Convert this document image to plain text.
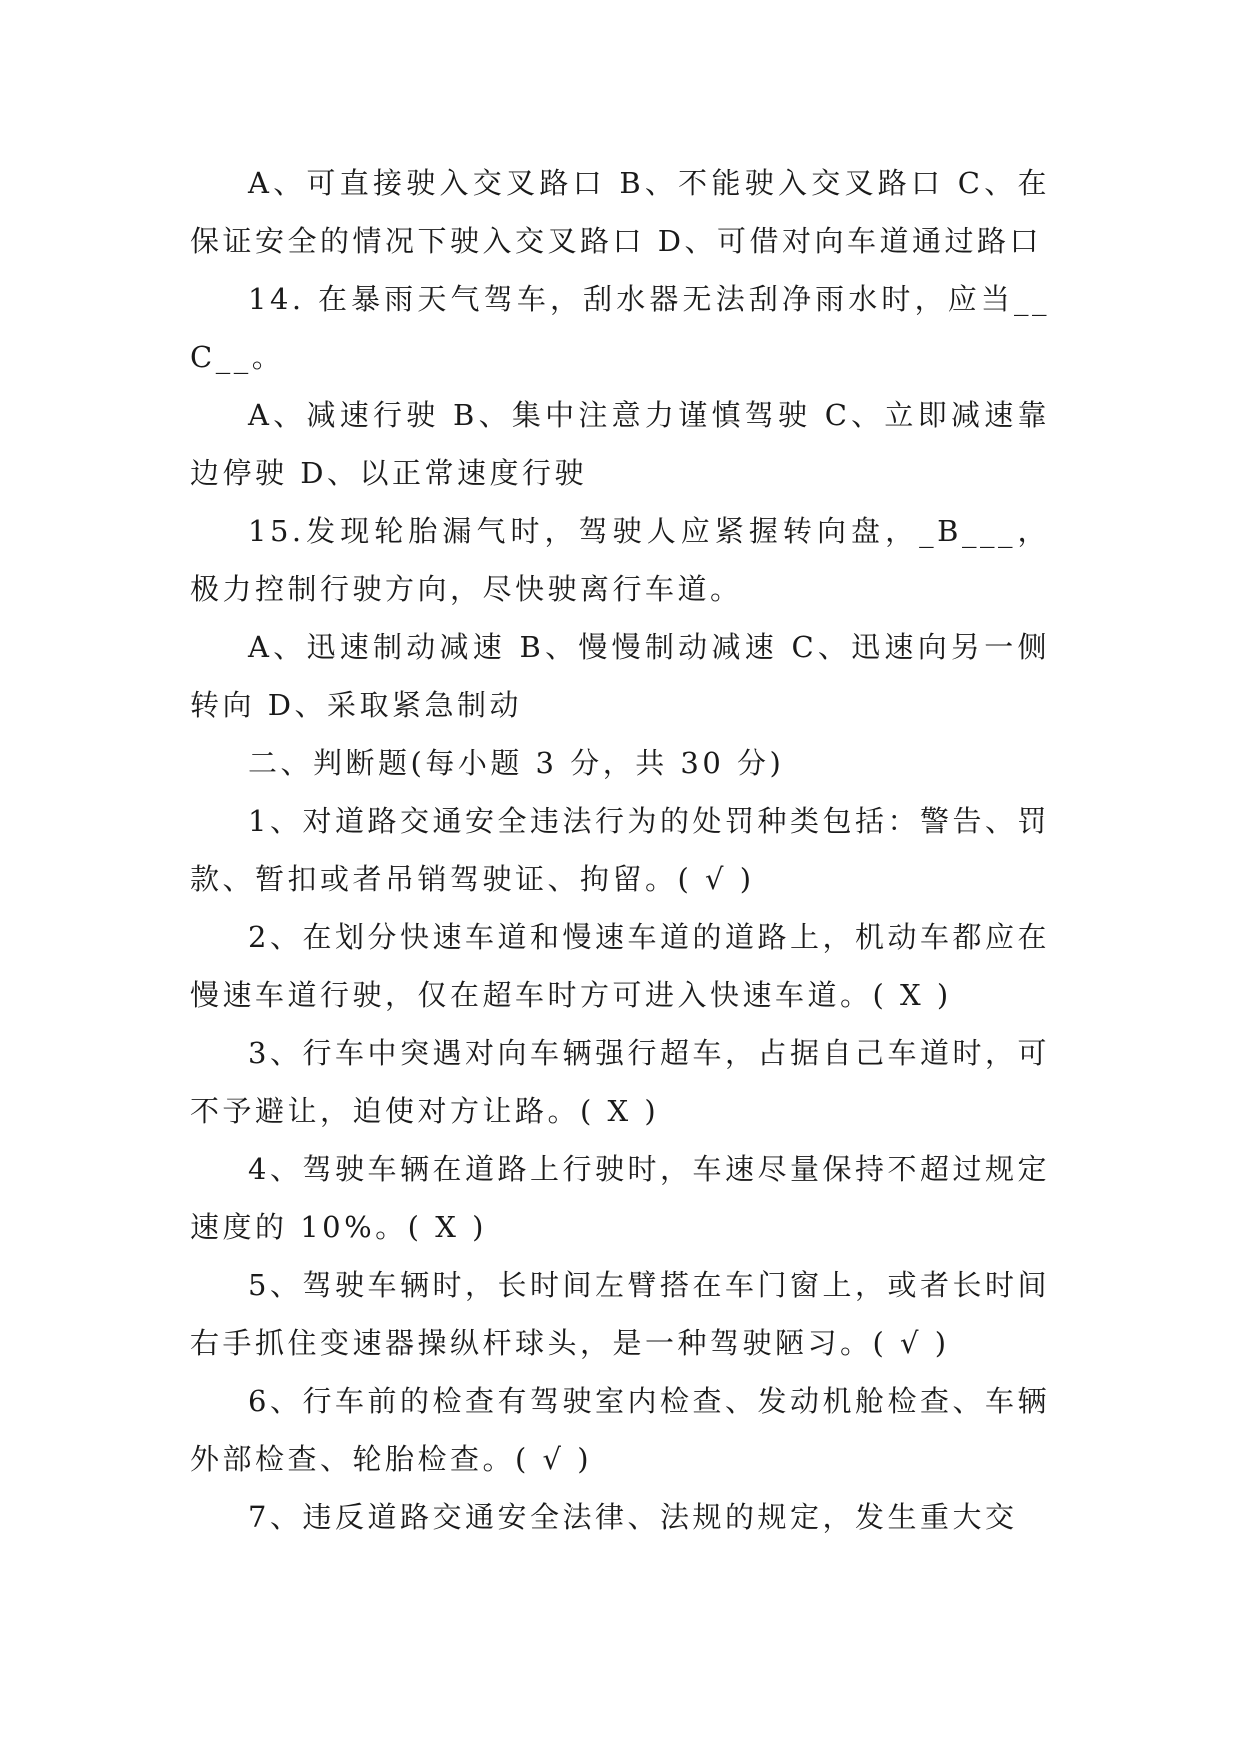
A、可直接驶入交叉路口 B、不能驶入交叉路口 C、在保证安全的情况下驶入交叉路口 D、可借对向车道通过路口

14. 在暴雨天气驾车，刮水器无法刮净雨水时，应当__C__。

A、减速行驶 B、集中注意力谨慎驾驶 C、立即减速靠边停驶 D、以正常速度行驶

15.发现轮胎漏气时，驾驶人应紧握转向盘，_B___，极力控制行驶方向，尽快驶离行车道。

A、迅速制动减速 B、慢慢制动减速 C、迅速向另一侧转向 D、采取紧急制动

二、判断题(每小题 3 分，共 30 分)

1、对道路交通安全违法行为的处罚种类包括：警告、罚款、暂扣或者吊销驾驶证、拘留。( √ )

2、在划分快速车道和慢速车道的道路上，机动车都应在慢速车道行驶，仅在超车时方可进入快速车道。( X )

3、行车中突遇对向车辆强行超车，占据自己车道时，可不予避让，迫使对方让路。( X )

4、驾驶车辆在道路上行驶时，车速尽量保持不超过规定速度的 10%。( X )

5、驾驶车辆时，长时间左臂搭在车门窗上，或者长时间右手抓住变速器操纵杆球头，是一种驾驶陋习。( √ )

6、行车前的检查有驾驶室内检查、发动机舱检查、车辆外部检查、轮胎检查。( √ )

7、违反道路交通安全法律、法规的规定，发生重大交
